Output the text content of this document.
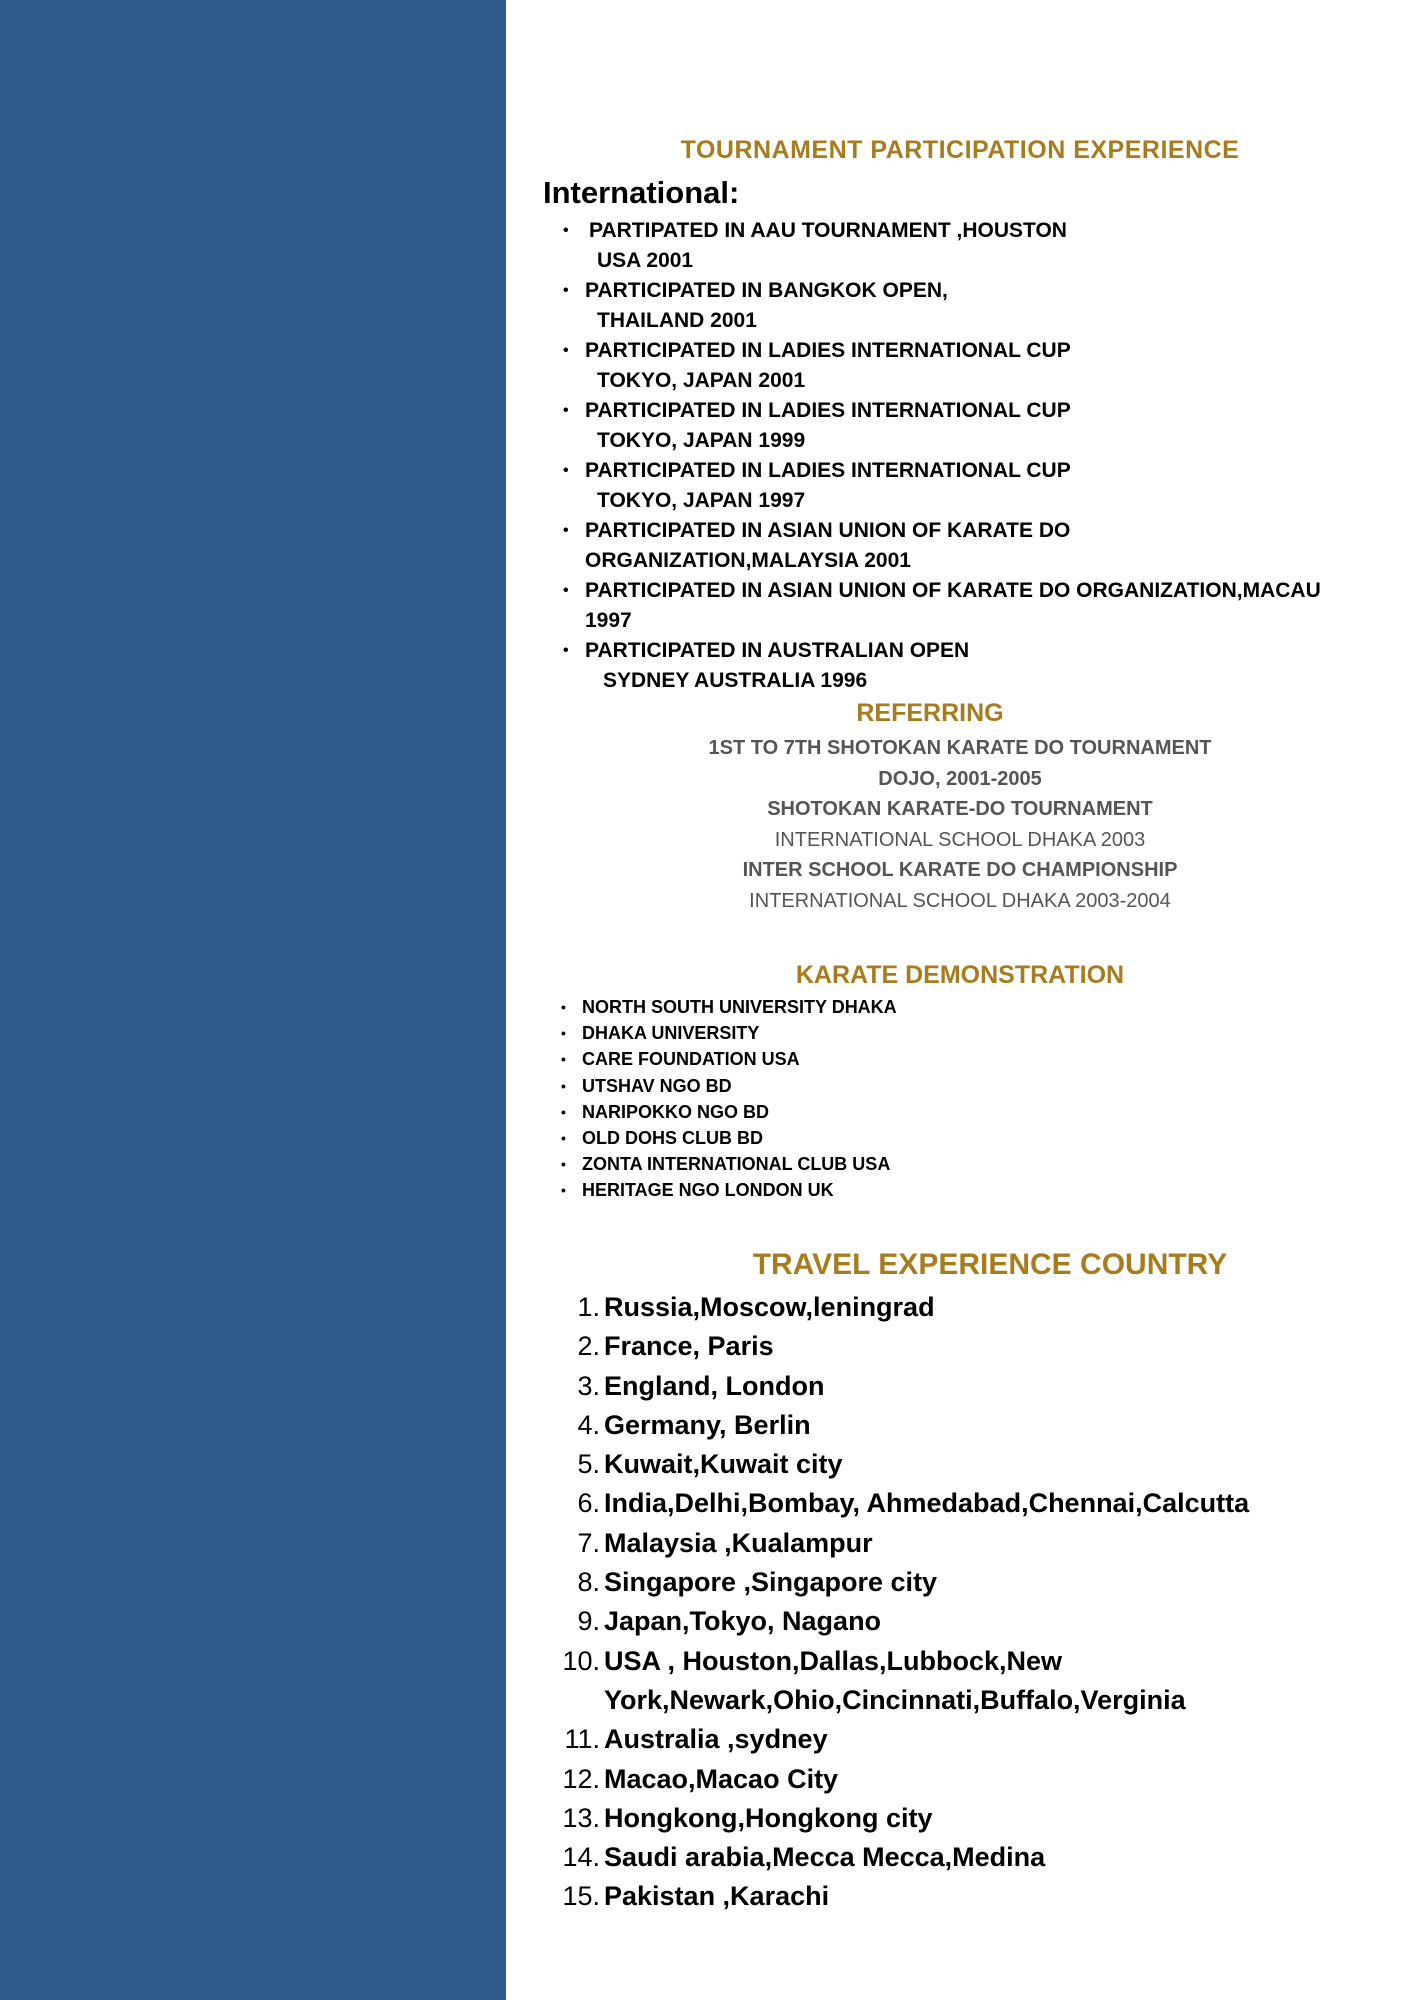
TOURNAMENT PARTICIPATION EXPERIENCE
International:
• PARTIPATED IN AAU TOURNAMENT ,HOUSTON
USA 2001
• PARTICIPATED IN BANGKOK OPEN,
THAILAND 2001
• PARTICIPATED IN LADIES INTERNATIONAL CUP
TOKYO, JAPAN 2001
• PARTICIPATED IN LADIES INTERNATIONAL CUP
TOKYO, JAPAN 1999
• PARTICIPATED IN LADIES INTERNATIONAL CUP
TOKYO, JAPAN 1997
• PARTICIPATED IN ASIAN UNION OF KARATE DO
ORGANIZATION,MALAYSIA 2001
• PARTICIPATED IN ASIAN UNION OF KARATE DO ORGANIZATION,MACAU
1997
• PARTICIPATED IN AUSTRALIAN OPEN
SYDNEY AUSTRALIA 1996
REFERRING
1ST TO 7TH SHOTOKAN KARATE DO TOURNAMENT
DOJO, 2001-2005
SHOTOKAN KARATE-DO TOURNAMENT
INTERNATIONAL SCHOOL DHAKA 2003
INTER SCHOOL KARATE DO CHAMPIONSHIP
INTERNATIONAL SCHOOL DHAKA 2003-2004
KARATE DEMONSTRATION
• NORTH SOUTH UNIVERSITY DHAKA
• DHAKA UNIVERSITY
• CARE FOUNDATION USA
• UTSHAV NGO BD
• NARIPOKKO NGO BD
• OLD DOHS CLUB BD
• ZONTA INTERNATIONAL CLUB USA
• HERITAGE NGO LONDON UK
TRAVEL EXPERIENCE COUNTRY
1. Russia,Moscow,leningrad
2. France, Paris
3. England, London
4. Germany, Berlin
5. Kuwait,Kuwait city
6. India,Delhi,Bombay, Ahmedabad,Chennai,Calcutta
7. Malaysia ,Kualampur
8. Singapore ,Singapore city
9. Japan,Tokyo, Nagano
10. USA , Houston,Dallas,Lubbock,New
York,Newark,Ohio,Cincinnati,Buffalo,Verginia
11. Australia ,sydney
12. Macao,Macao City
13. Hongkong,Hongkong city
14. Saudi arabia,Mecca Mecca,Medina
15. Pakistan ,Karachi
